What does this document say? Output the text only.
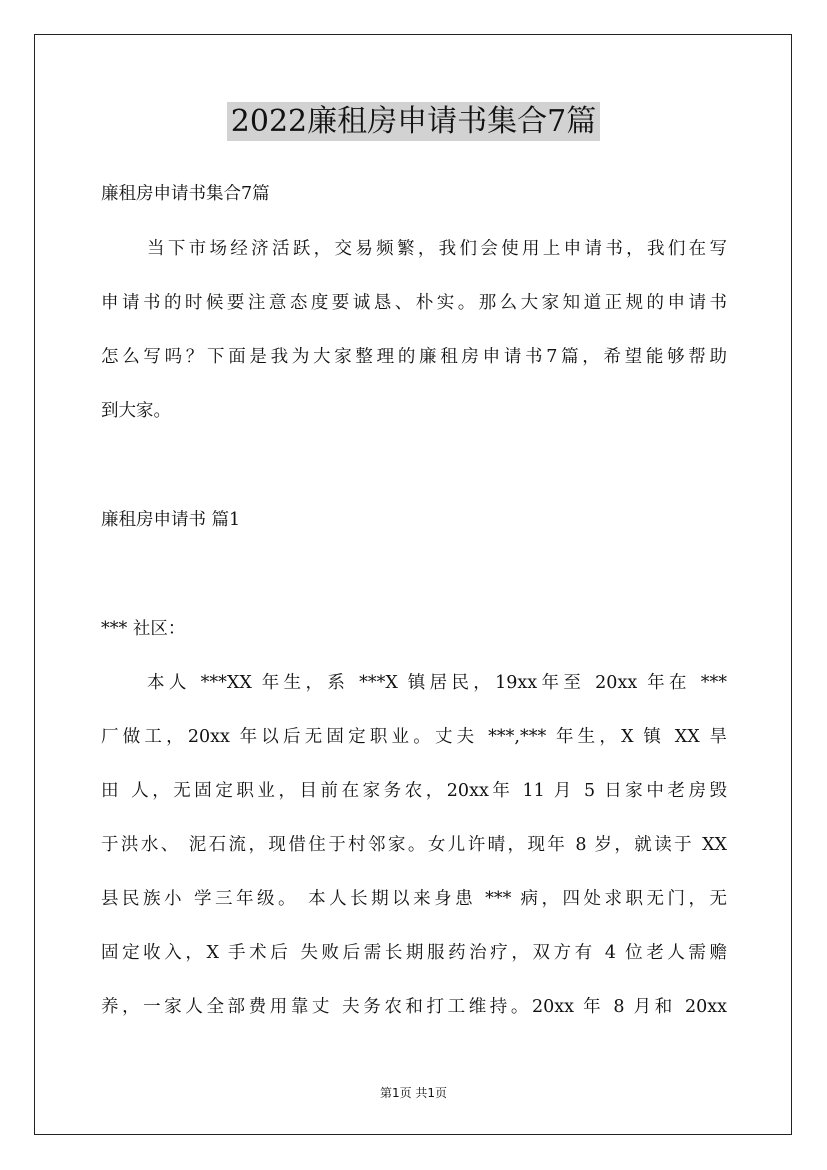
2022廉租房申请书集合7篇
廉租房申请书集合7篇
当下市场经济活跃，交易频繁，我们会使用上申请书，我们在写
申请书的时候要注意态度要诚恳、朴实。那么大家知道正规的申请书
怎么写吗？下面是我为大家整理的廉租房申请书7篇，希望能够帮助
到大家。
廉租房申请书 篇1
*** 社区：
本人 ***XX 年生，系 ***X 镇居民，19xx年至 20xx 年在 ***
厂做工，20xx 年以后无固定职业。丈夫 ***,*** 年生，X 镇 XX 旱
田 人，无固定职业，目前在家务农，20xx年 11 月 5 日家中老房毁
于洪水、 泥石流，现借住于村邻家。女儿许晴，现年 8 岁，就读于 XX
县民族小 学三年级。 本人长期以来身患 *** 病，四处求职无门，无
固定收入，X 手术后 失败后需长期服药治疗，双方有 4 位老人需赡
养，一家人全部费用靠丈 夫务农和打工维持。20xx 年 8 月和 20xx
第1页 共1页
